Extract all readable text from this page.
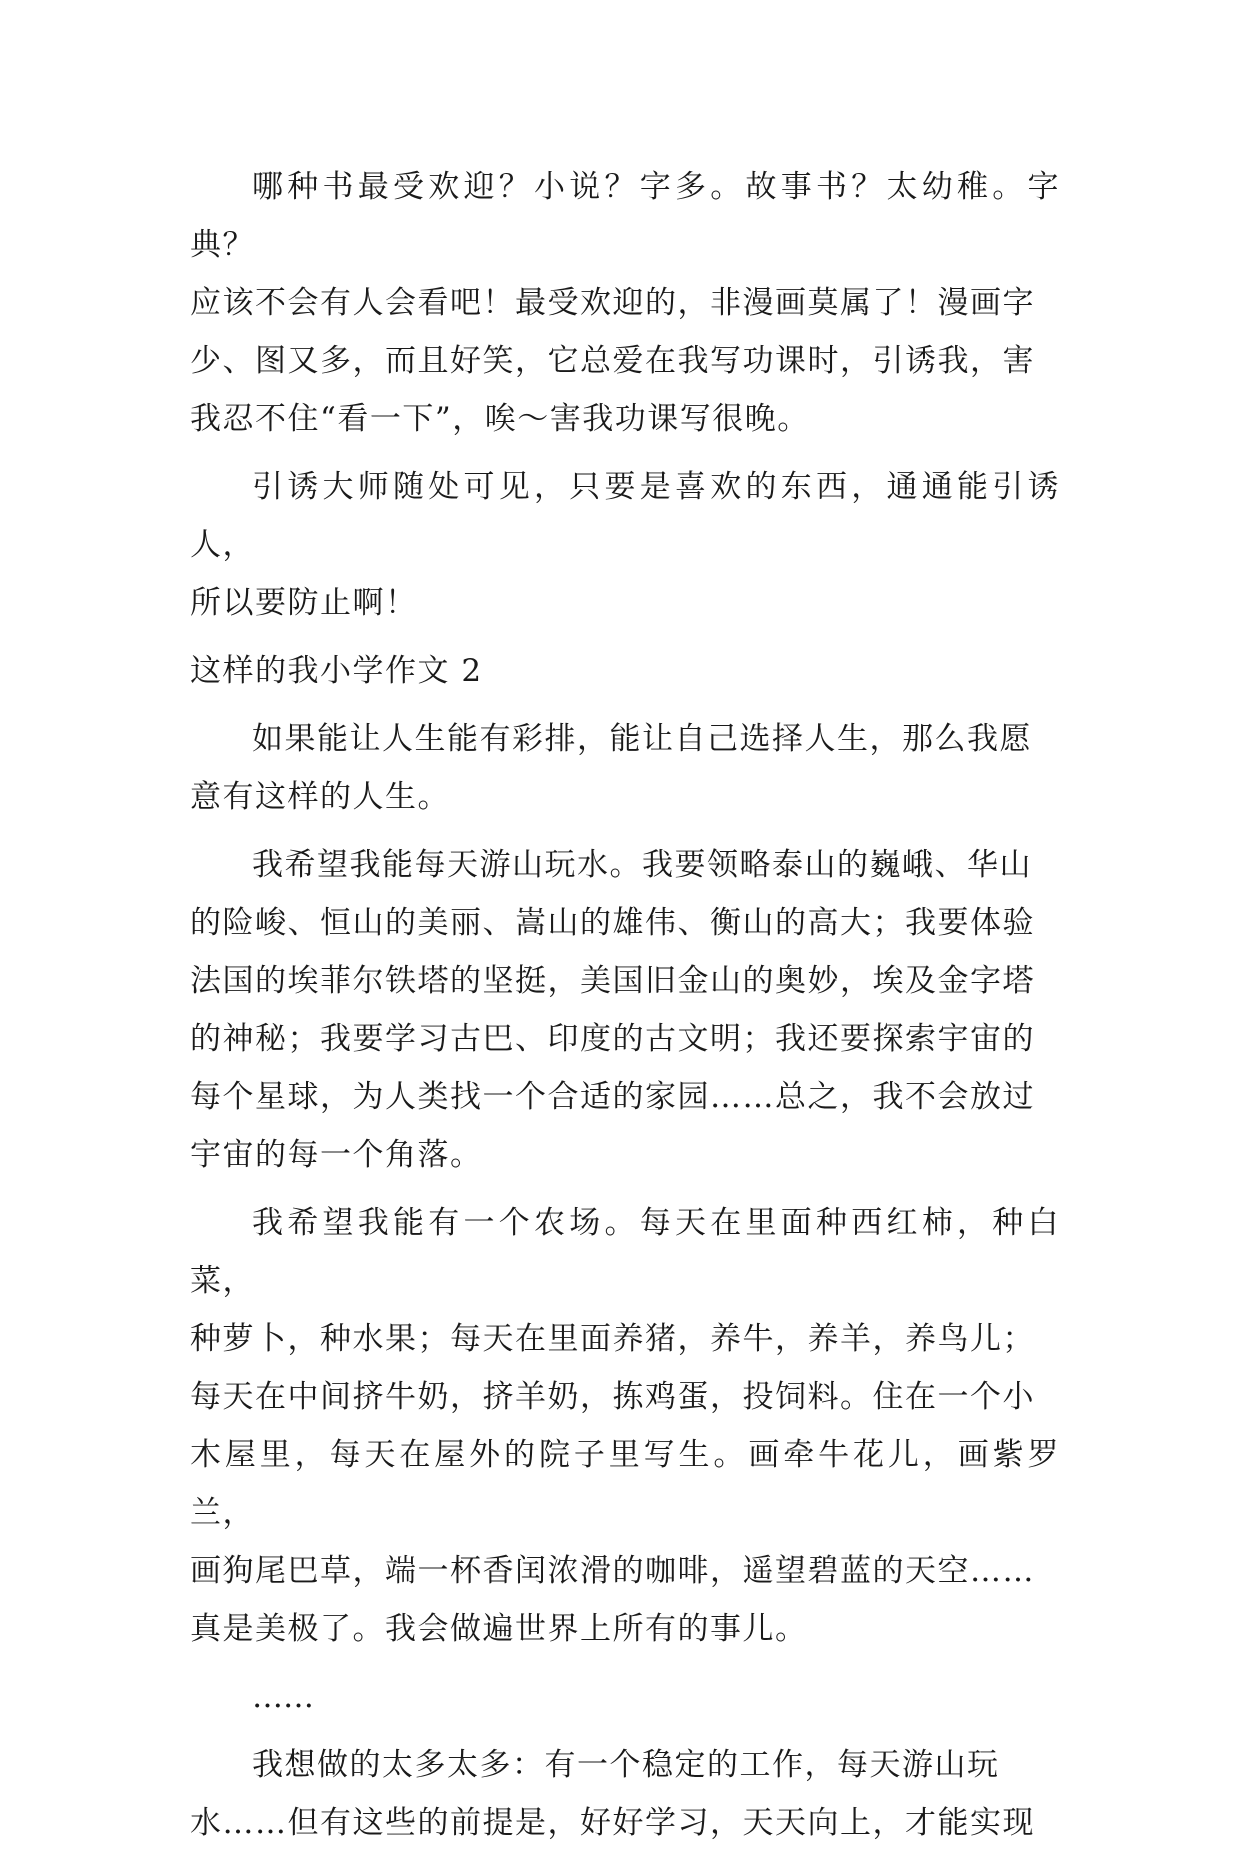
哪种书最受欢迎？小说？字多。故事书？太幼稚。字典？
应该不会有人会看吧！最受欢迎的，非漫画莫属了！漫画字
少、图又多，而且好笑，它总爱在我写功课时，引诱我，害
我忍不住“看一下”，唉～害我功课写很晚。

引诱大师随处可见，只要是喜欢的东西，通通能引诱人，
所以要防止啊！

这样的我小学作文 2

如果能让人生能有彩排，能让自己选择人生，那么我愿
意有这样的人生。

我希望我能每天游山玩水。我要领略泰山的巍峨、华山
的险峻、恒山的美丽、嵩山的雄伟、衡山的高大；我要体验
法国的埃菲尔铁塔的坚挺，美国旧金山的奥妙，埃及金字塔
的神秘；我要学习古巴、印度的古文明；我还要探索宇宙的
每个星球，为人类找一个合适的家园……总之，我不会放过
宇宙的每一个角落。

我希望我能有一个农场。每天在里面种西红柿，种白菜，
种萝卜，种水果；每天在里面养猪，养牛，养羊，养鸟儿；
每天在中间挤牛奶，挤羊奶，拣鸡蛋，投饲料。住在一个小
木屋里，每天在屋外的院子里写生。画牵牛花儿，画紫罗兰，
画狗尾巴草，端一杯香闰浓滑的咖啡，遥望碧蓝的天空……
真是美极了。我会做遍世界上所有的事儿。

……

我想做的太多太多：有一个稳定的工作，每天游山玩
水……但有这些的前提是，好好学习，天天向上，才能实现
